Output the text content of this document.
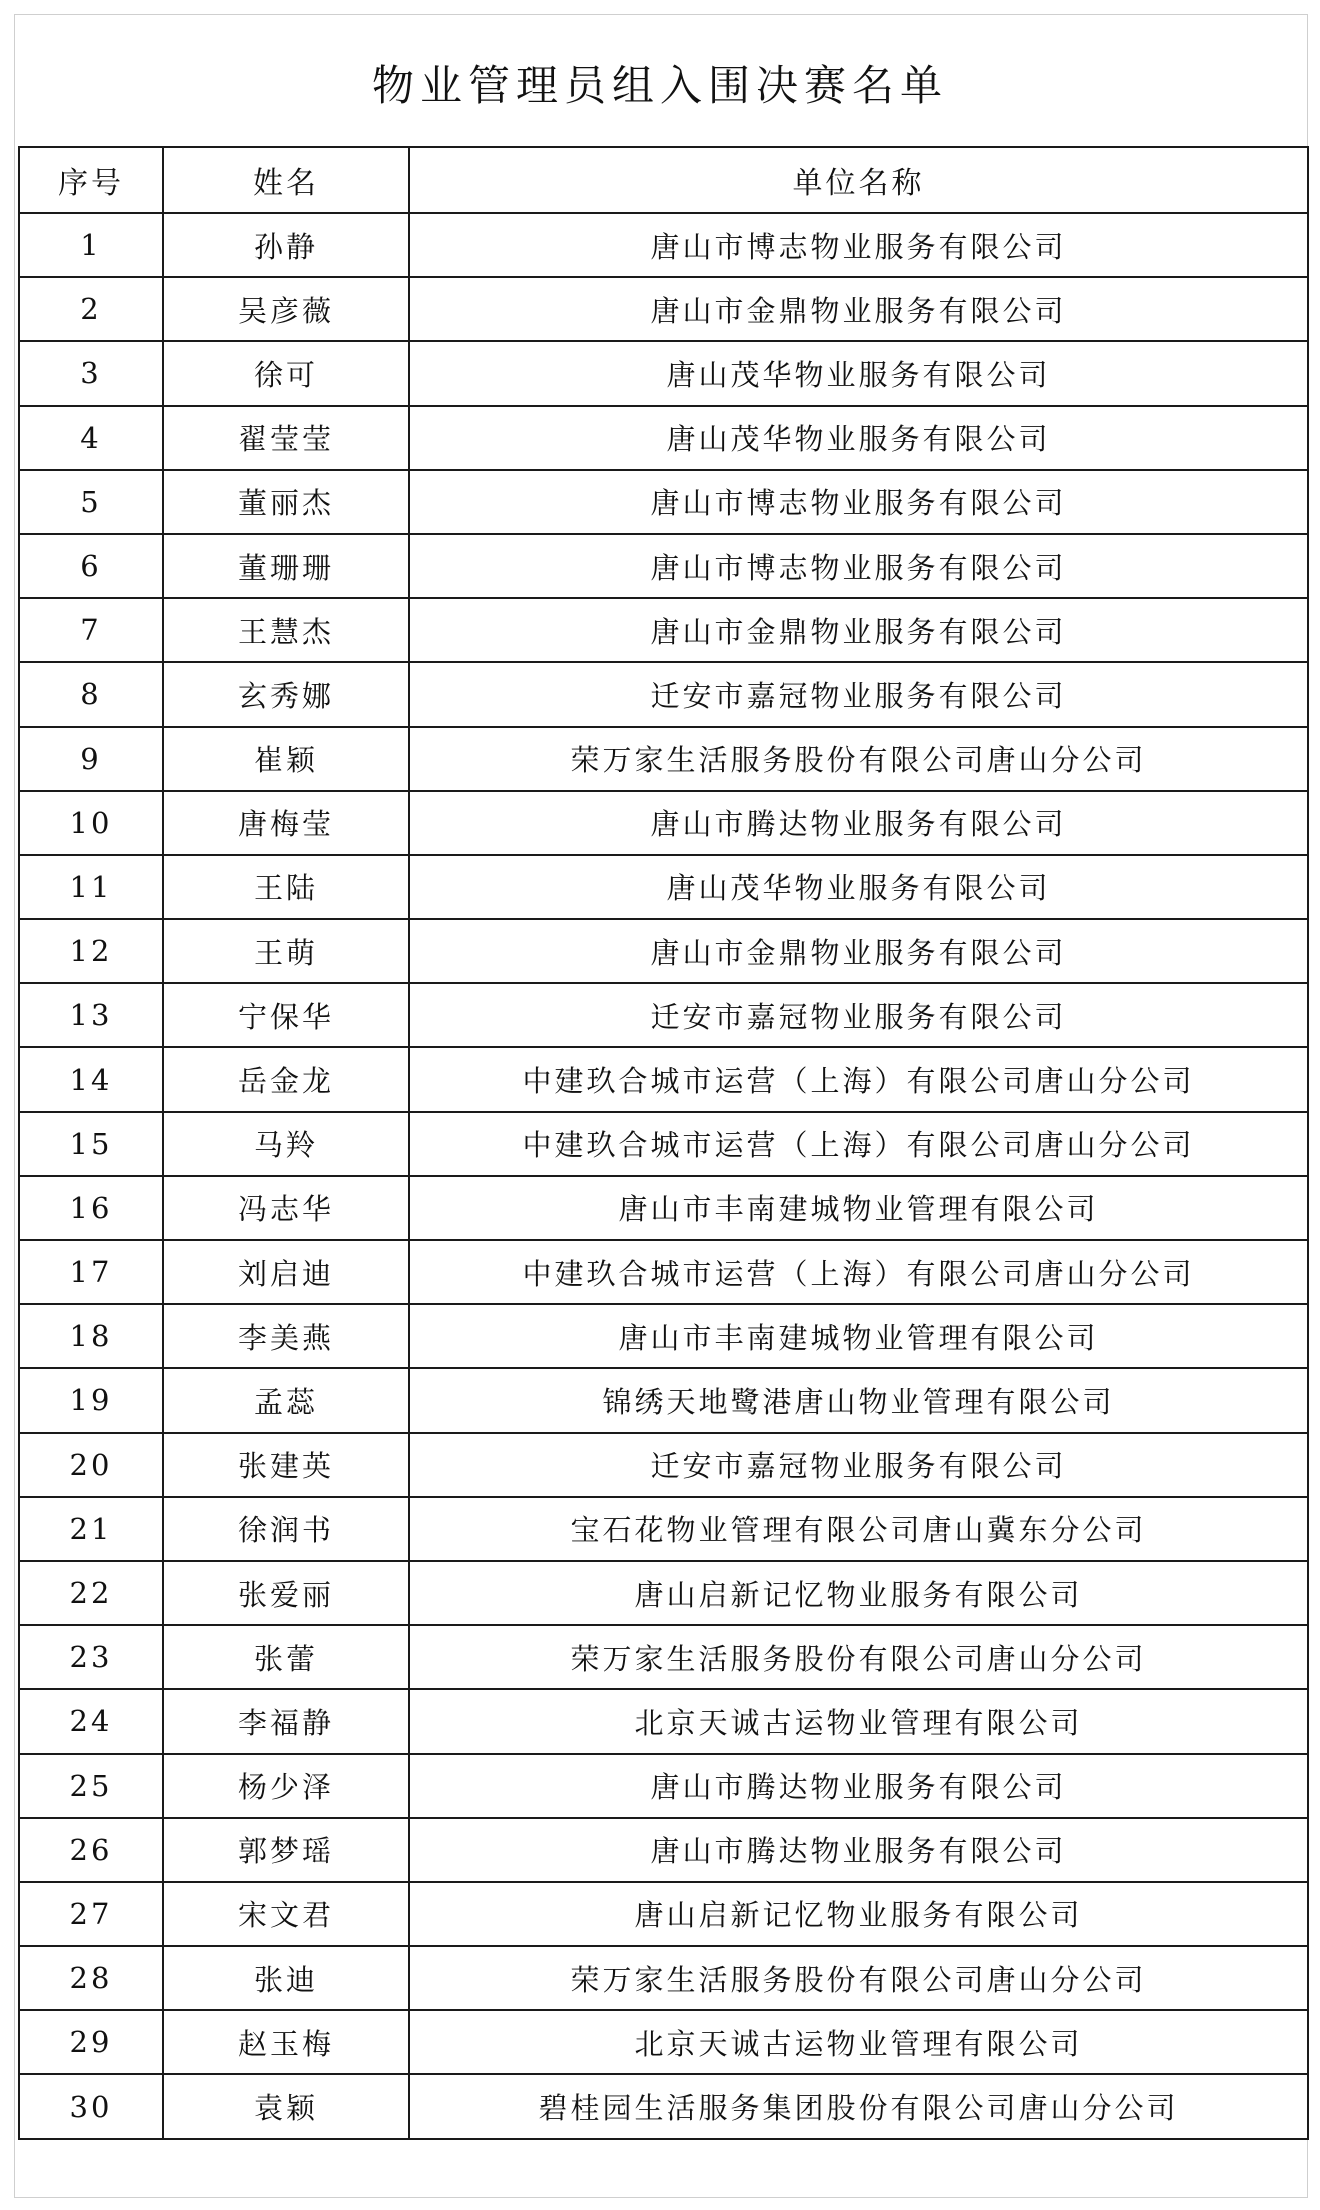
物业管理员组入围决赛名单
序号	姓名	单位名称
1	孙静	唐山市博志物业服务有限公司
2	吴彦薇	唐山市金鼎物业服务有限公司
3	徐可	唐山茂华物业服务有限公司
4	翟莹莹	唐山茂华物业服务有限公司
5	董丽杰	唐山市博志物业服务有限公司
6	董珊珊	唐山市博志物业服务有限公司
7	王慧杰	唐山市金鼎物业服务有限公司
8	玄秀娜	迁安市嘉冠物业服务有限公司
9	崔颖	荣万家生活服务股份有限公司唐山分公司
10	唐梅莹	唐山市腾达物业服务有限公司
11	王陆	唐山茂华物业服务有限公司
12	王萌	唐山市金鼎物业服务有限公司
13	宁保华	迁安市嘉冠物业服务有限公司
14	岳金龙	中建玖合城市运营（上海）有限公司唐山分公司
15	马羚	中建玖合城市运营（上海）有限公司唐山分公司
16	冯志华	唐山市丰南建城物业管理有限公司
17	刘启迪	中建玖合城市运营（上海）有限公司唐山分公司
18	李美燕	唐山市丰南建城物业管理有限公司
19	孟蕊	锦绣天地鹭港唐山物业管理有限公司
20	张建英	迁安市嘉冠物业服务有限公司
21	徐润书	宝石花物业管理有限公司唐山冀东分公司
22	张爱丽	唐山启新记忆物业服务有限公司
23	张蕾	荣万家生活服务股份有限公司唐山分公司
24	李福静	北京天诚古运物业管理有限公司
25	杨少泽	唐山市腾达物业服务有限公司
26	郭梦瑶	唐山市腾达物业服务有限公司
27	宋文君	唐山启新记忆物业服务有限公司
28	张迪	荣万家生活服务股份有限公司唐山分公司
29	赵玉梅	北京天诚古运物业管理有限公司
30	袁颖	碧桂园生活服务集团股份有限公司唐山分公司
